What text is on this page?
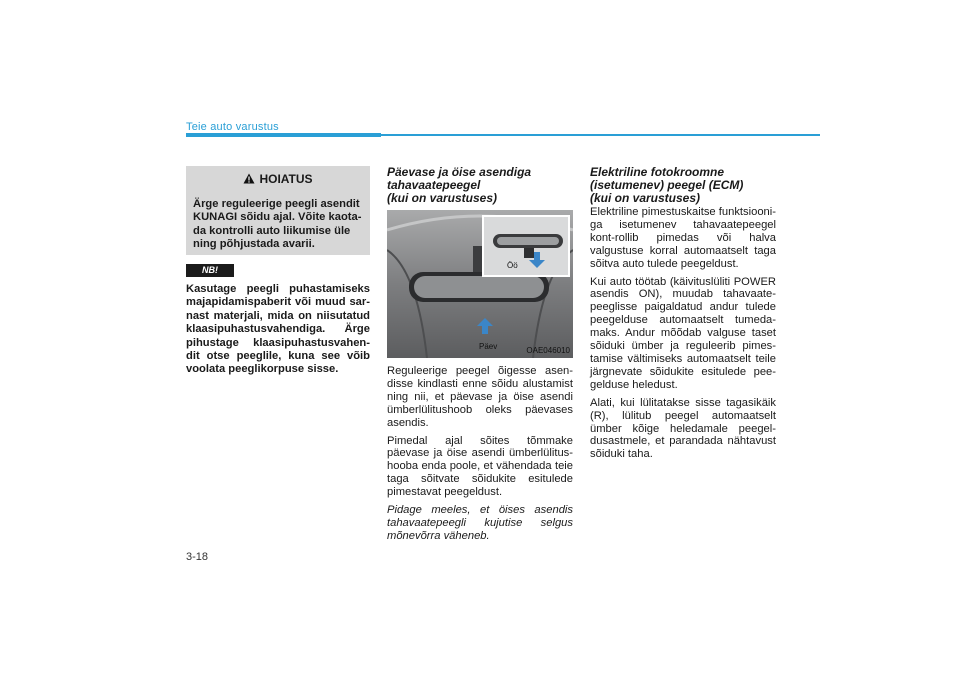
Teie auto varustus
HOIATUS
Ärge reguleerige peegli asendit KUNAGI sõidu ajal. Võite kaota-da kontrolli auto liikumise üle ning põhjustada avarii.
NB!
Kasutage peegli puhastamiseks majapidamispaberit või muud sar-nast materjali, mida on niisutatud klaasipuhastusvahendiga. Ärge pihustage klaasipuhastusvahen-dit otse peeglile, kuna see võib voolata peeglikorpuse sisse.
Päevase ja öise asendiga
tahavaatepeegel
(kui on varustuses)
Öö
Päev	OAE046010

Reguleerige peegel õigesse asen-disse kindlasti enne sõidu alustamist ning nii, et päevase ja öise asendi ümberlülitushoob oleks päevases asendis.

Pimedal ajal sõites tõmmake päevase ja öise asendi ümberlülitus-hooba enda poole, et vähendada teie taga sõitvate sõidukite esitulede pimestavat peegeldust.

Pidage meeles, et öises asendis tahavaatepeegli kujutise selgus mõnevõrra väheneb.

Elektriline fotokroomne
(isetumenev) peegel (ECM)
(kui on varustuses)

Elektriline pimestuskaitse funktsiooni-ga isetumenev tahavaatepeegel kont-rollib pimedas või halva valgustuse korral automaatselt taga sõitva auto tulede peegeldust.

Kui auto töötab (käivituslüliti POWER asendis ON), muudab tahavaate-peeglisse paigaldatud andur tulede peegelduse automaatselt tumeda-maks. Andur mõõdab valguse taset sõiduki ümber ja reguleerib pimes-tamise vältimiseks automaatselt teile järgnevate sõidukite esitulede pee-gelduse heledust.

Alati, kui lülitatakse sisse tagasikäik (R), lülitub peegel automaatselt ümber kõige heledamale peegel-dusastmele, et parandada nähtavust sõiduki taha.

3-18
